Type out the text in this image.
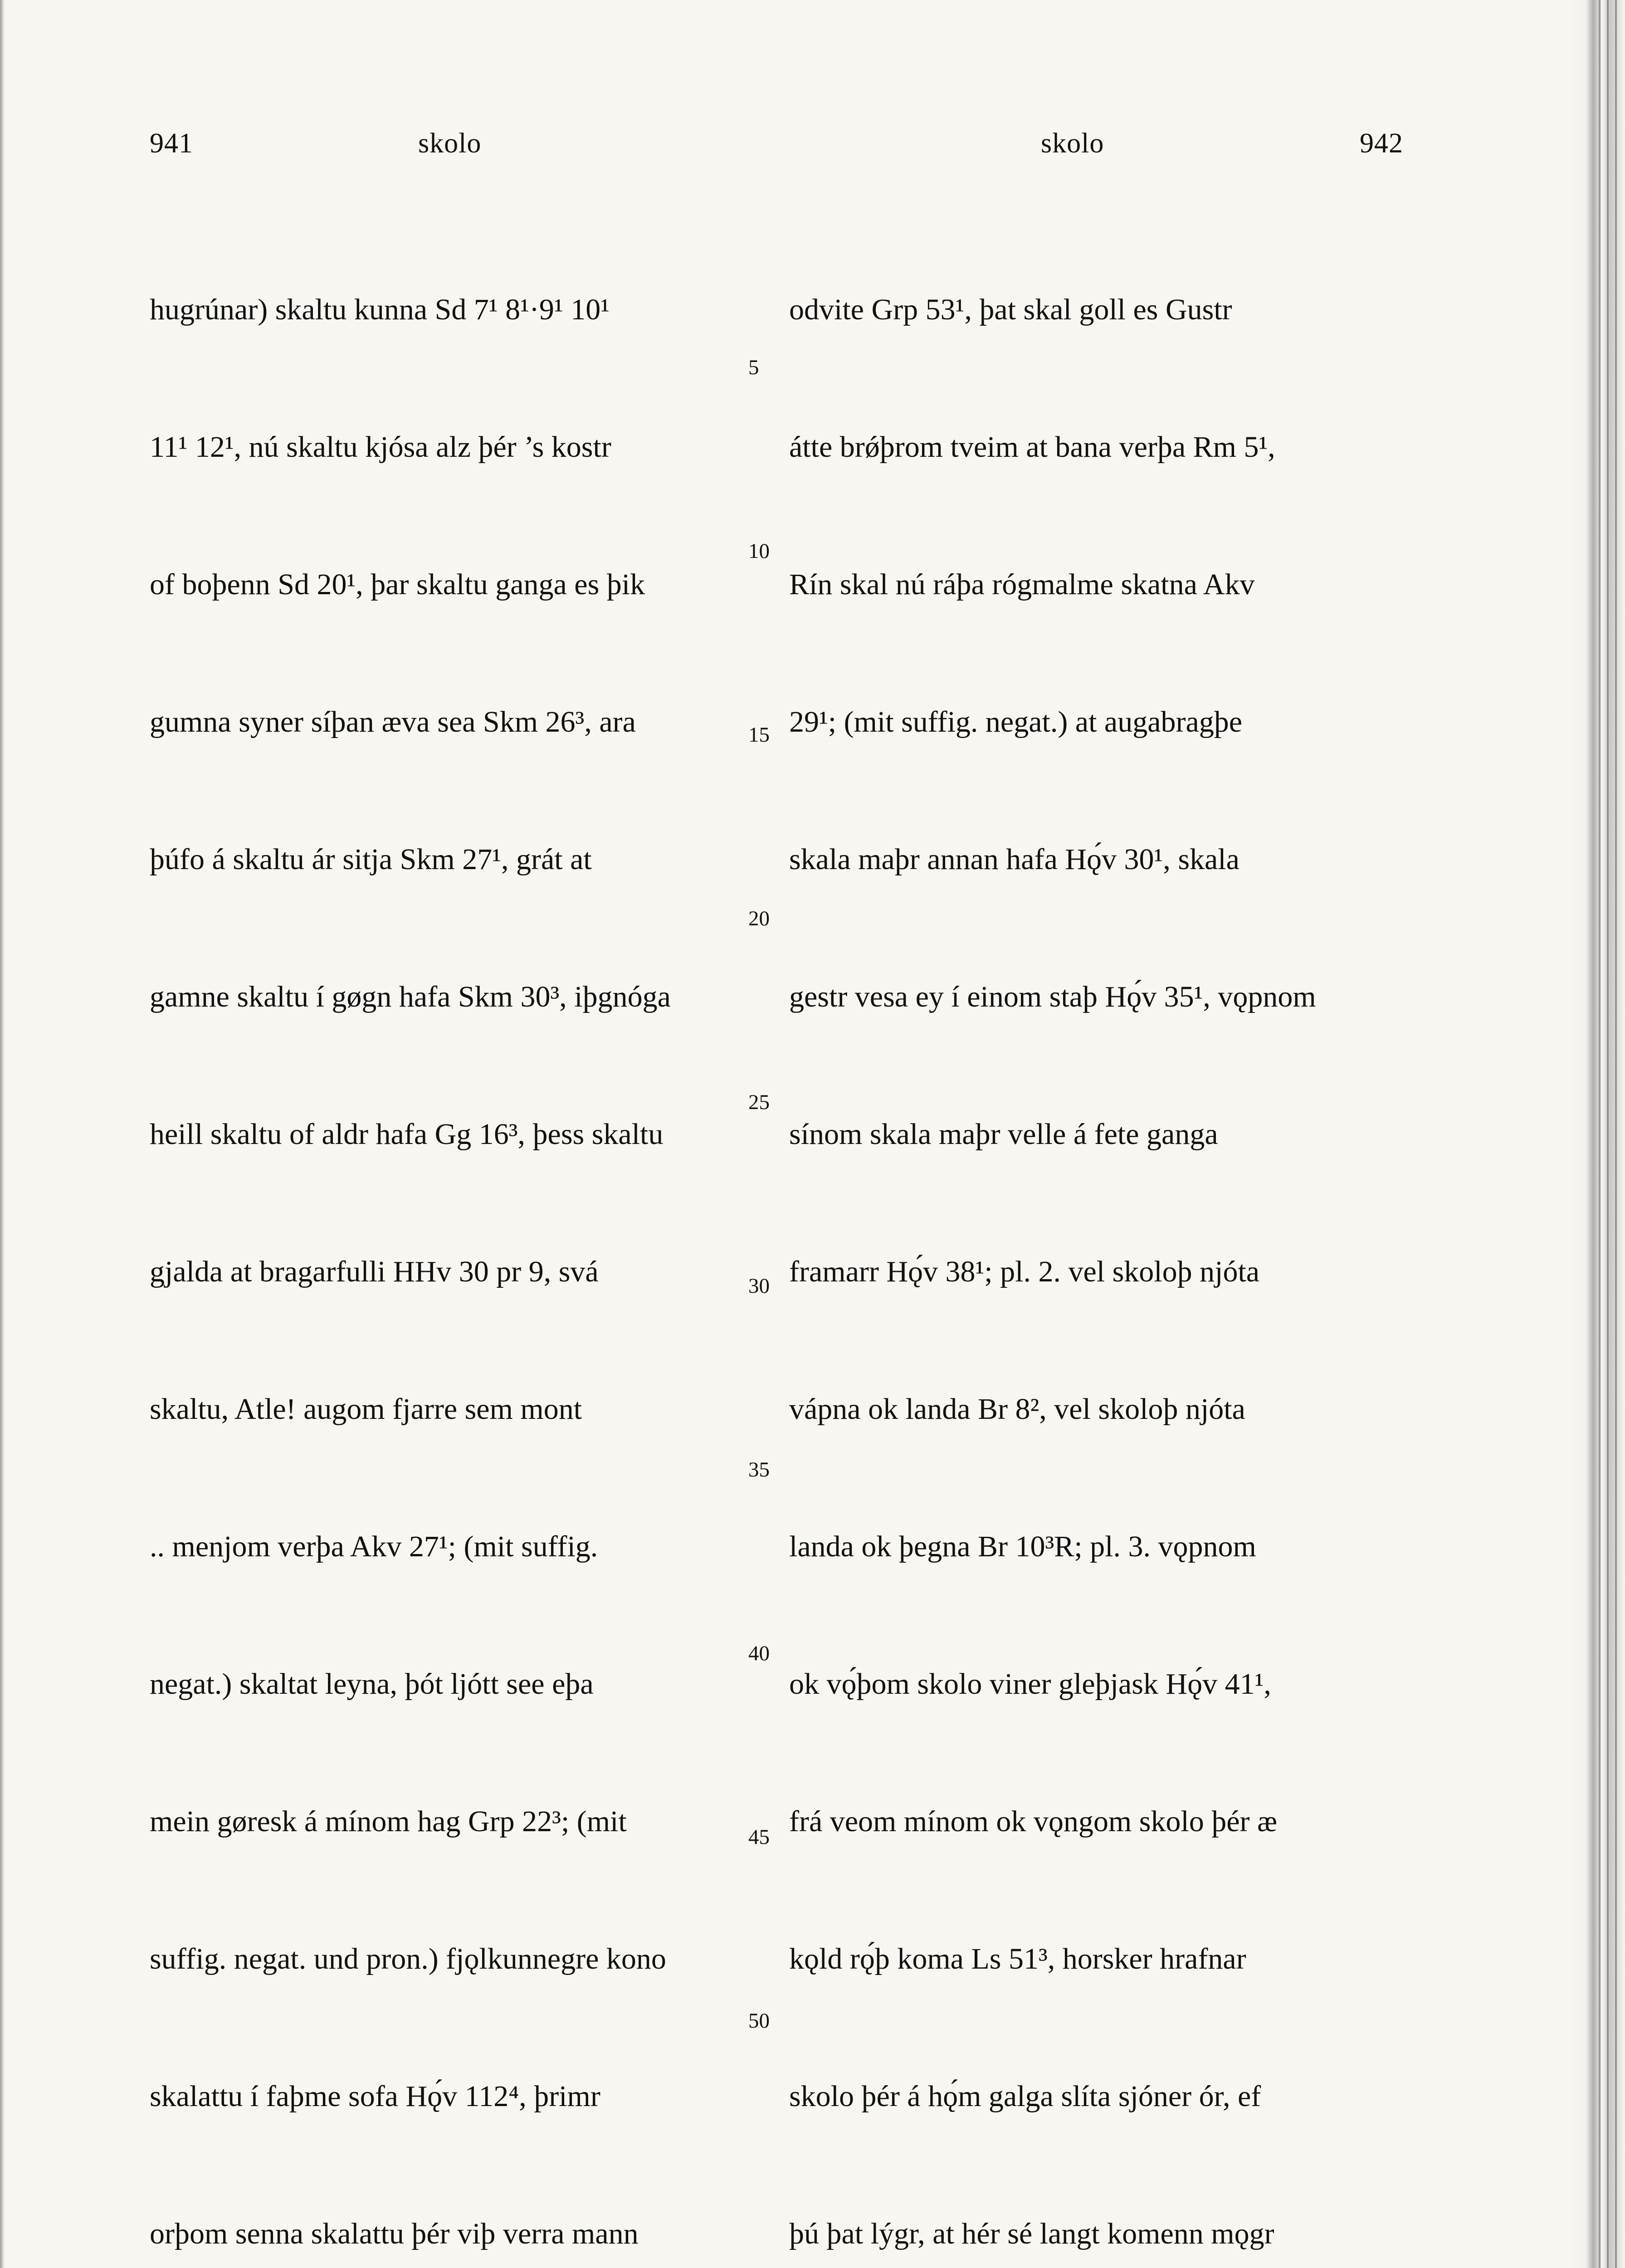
941	skolo	skolo	942

hugrúnar) skaltu kunna Sd 7¹ 8¹·9¹ 10¹

11¹ 12¹, nú skaltu kjósa alz þér ’s kostr

of boþenn Sd 20¹, þar skaltu ganga es þik

gumna syner síþan æva sea Skm 26³, ara

þúfo á skaltu ár sitja Skm 27¹, grát at

gamne skaltu í gøgn hafa Skm 30³, iþgnóga

heill skaltu of aldr hafa Gg 16³, þess skaltu

gjalda at bragarfulli HHv 30 pr 9, svá

skaltu, Atle! augom fjarre sem mont

.. menjom verþa Akv 27¹; (mit suffig.

negat.) skaltat leyna, þót ljótt see eþa

mein gøresk á mínom hag Grp 22³; (mit

suffig. negat. und pron.) fjǫlkunnegre kono

skalattu í faþme sofa Hǫ́v 112⁴, þrimr

orþom senna skalattu þér viþ verra mann

odvite Grp 53¹, þat skal goll es Gustr

átte brǿþrom tveim at bana verþa Rm 5¹,

Rín skal nú ráþa rógmalme skatna Akv

29¹; (mit suffig. negat.) at augabragþe

skala maþr annan hafa Hǫ́v 30¹, skala

gestr vesa ey í einom staþ Hǫ́v 35¹, vǫpnom

sínom skala maþr velle á fete ganga

framarr Hǫ́v 38¹; pl. 2. vel skoloþ njóta

vápna ok landa Br 8², vel skoloþ njóta

landa ok þegna Br 10³R; pl. 3. vǫpnom

ok vǫ́þom skolo viner gleþjask Hǫ́v 41¹,

frá veom mínom ok vǫngom skolo þér æ

kǫld rǫ́þ koma Ls 51³, horsker hrafnar

skolo þér á hǫ́m galga slíta sjóner ór, ef

þú þat lýgr, at hér sé langt komenn mǫgr

5
10
15
20
25
30
35
40
45
50
